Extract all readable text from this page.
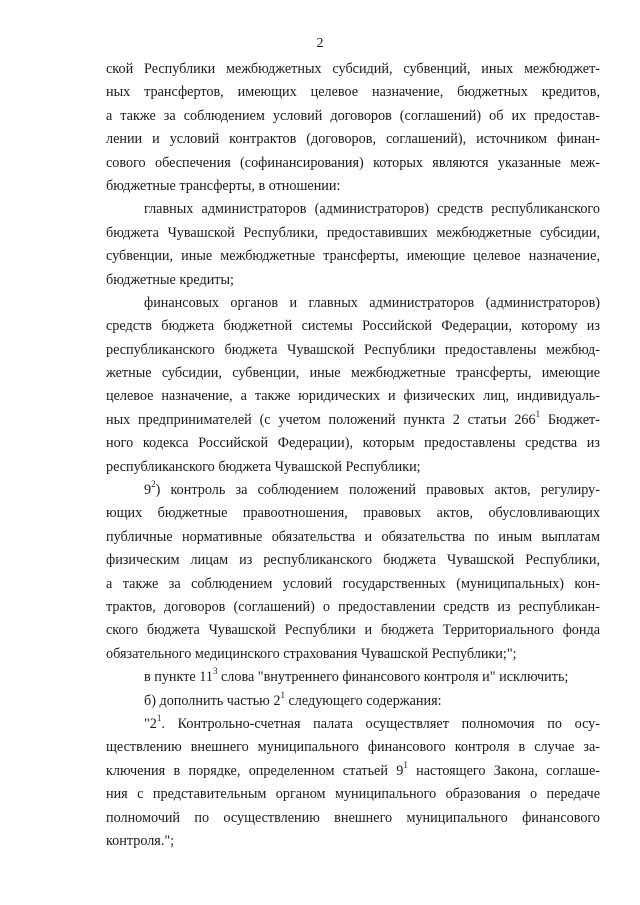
2
ской Республики межбюджетных субсидий, субвенций, иных межбюджет-
ных трансфертов, имеющих целевое назначение, бюджетных кредитов,
а также за соблюдением условий договоров (соглашений) об их предостав-
лении и условий контрактов (договоров, соглашений), источником финан-
сового обеспечения (софинансирования) которых являются указанные меж-
бюджетные трансферты, в отношении:
главных администраторов (администраторов) средств республиканского
бюджета Чувашской Республики, предоставивших межбюджетные субсидии,
субвенции, иные межбюджетные трансферты, имеющие целевое назначение,
бюджетные кредиты;
финансовых органов и главных администраторов (администраторов)
средств бюджета бюджетной системы Российской Федерации, которому из
республиканского бюджета Чувашской Республики предоставлены межбюд-
жетные субсидии, субвенции, иные межбюджетные трансферты, имеющие
целевое назначение, а также юридических и физических лиц, индивидуаль-
ных предпринимателей (с учетом положений пункта 2 статьи $266^1$ Бюджет-
ного кодекса Российской Федерации), которым предоставлены средства из
республиканского бюджета Чувашской Республики;
$9^2$) контроль за соблюдением положений правовых актов, регулиру-
ющих бюджетные правоотношения, правовых актов, обусловливающих
публичные нормативные обязательства и обязательства по иным выплатам
физическим лицам из республиканского бюджета Чувашской Республики,
а также за соблюдением условий государственных (муниципальных) кон-
трактов, договоров (соглашений) о предоставлении средств из республикан-
ского бюджета Чувашской Республики и бюджета Территориального фонда
обязательного медицинского страхования Чувашской Республики;";
в пункте $11^3$ слова "внутреннего финансового контроля и" исключить;
б) дополнить частью $2^1$ следующего содержания:
"$2^1$. Контрольно-счетная палата осуществляет полномочия по осу-
ществлению внешнего муниципального финансового контроля в случае за-
ключения в порядке, определенном статьей $9^1$ настоящего Закона, соглаше-
ния с представительным органом муниципального образования о передаче
полномочий по осуществлению внешнего муниципального финансового
контроля.";
